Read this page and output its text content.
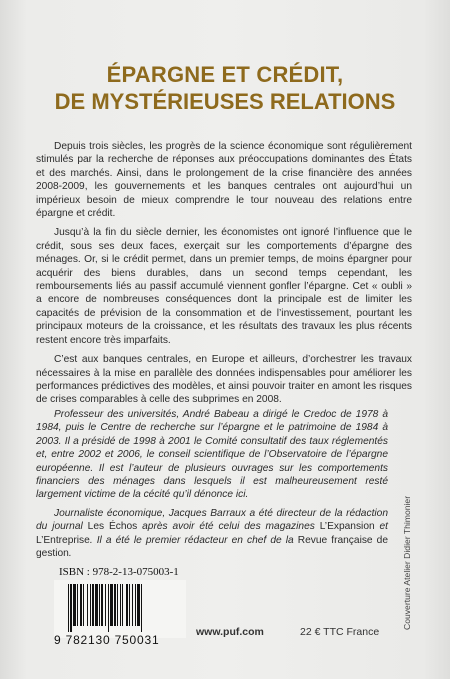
ÉPARGNE ET CRÉDIT,
DE MYSTÉRIEUSES RELATIONS

Depuis trois siècles, les progrès de la science économique sont régulièrement stimulés par la recherche de réponses aux préoccupations dominantes des États et des marchés. Ainsi, dans le prolongement de la crise financière des années 2008-2009, les gouvernements et les banques centrales ont aujourd’hui un impérieux besoin de mieux comprendre le tour nouveau des relations entre épargne et crédit.

Jusqu’à la fin du siècle dernier, les économistes ont ignoré l’influence que le crédit, sous ses deux faces, exerçait sur les comportements d’épargne des ménages. Or, si le crédit permet, dans un premier temps, de moins épargner pour acquérir des biens durables, dans un second temps cependant, les remboursements liés au passif accumulé viennent gonfler l’épargne. Cet « oubli » a encore de nombreuses conséquences dont la principale est de limiter les capacités de prévision de la consommation et de l’investissement, pourtant les principaux moteurs de la croissance, et les résultats des travaux les plus récents restent encore très imparfaits.

C’est aux banques centrales, en Europe et ailleurs, d’orchestrer les travaux nécessaires à la mise en parallèle des données indispensables pour améliorer les performances prédictives des modèles, et ainsi pouvoir traiter en amont les risques de crises comparables à celle des subprimes en 2008.

Professeur des universités, André Babeau a dirigé le Credoc de 1978 à 1984, puis le Centre de recherche sur l’épargne et le patrimoine de 1984 à 2003. Il a présidé de 1998 à 2001 le Comité consultatif des taux réglementés et, entre 2002 et 2006, le conseil scientifique de l’Observatoire de l’épargne européenne. Il est l’auteur de plusieurs ouvrages sur les comportements financiers des ménages dans lesquels il est malheureusement resté largement victime de la cécité qu’il dénonce ici.

Journaliste économique, Jacques Barraux a été directeur de la rédaction du journal Les Échos après avoir été celui des magazines L’Expansion et L’Entreprise. Il a été le premier rédacteur en chef de la Revue française de gestion.	Couverture Atelier Didier Thimonier
ISBN : 978-2-13-075003-1
9 782130 750031
www.puf.com	22 € TTC France
